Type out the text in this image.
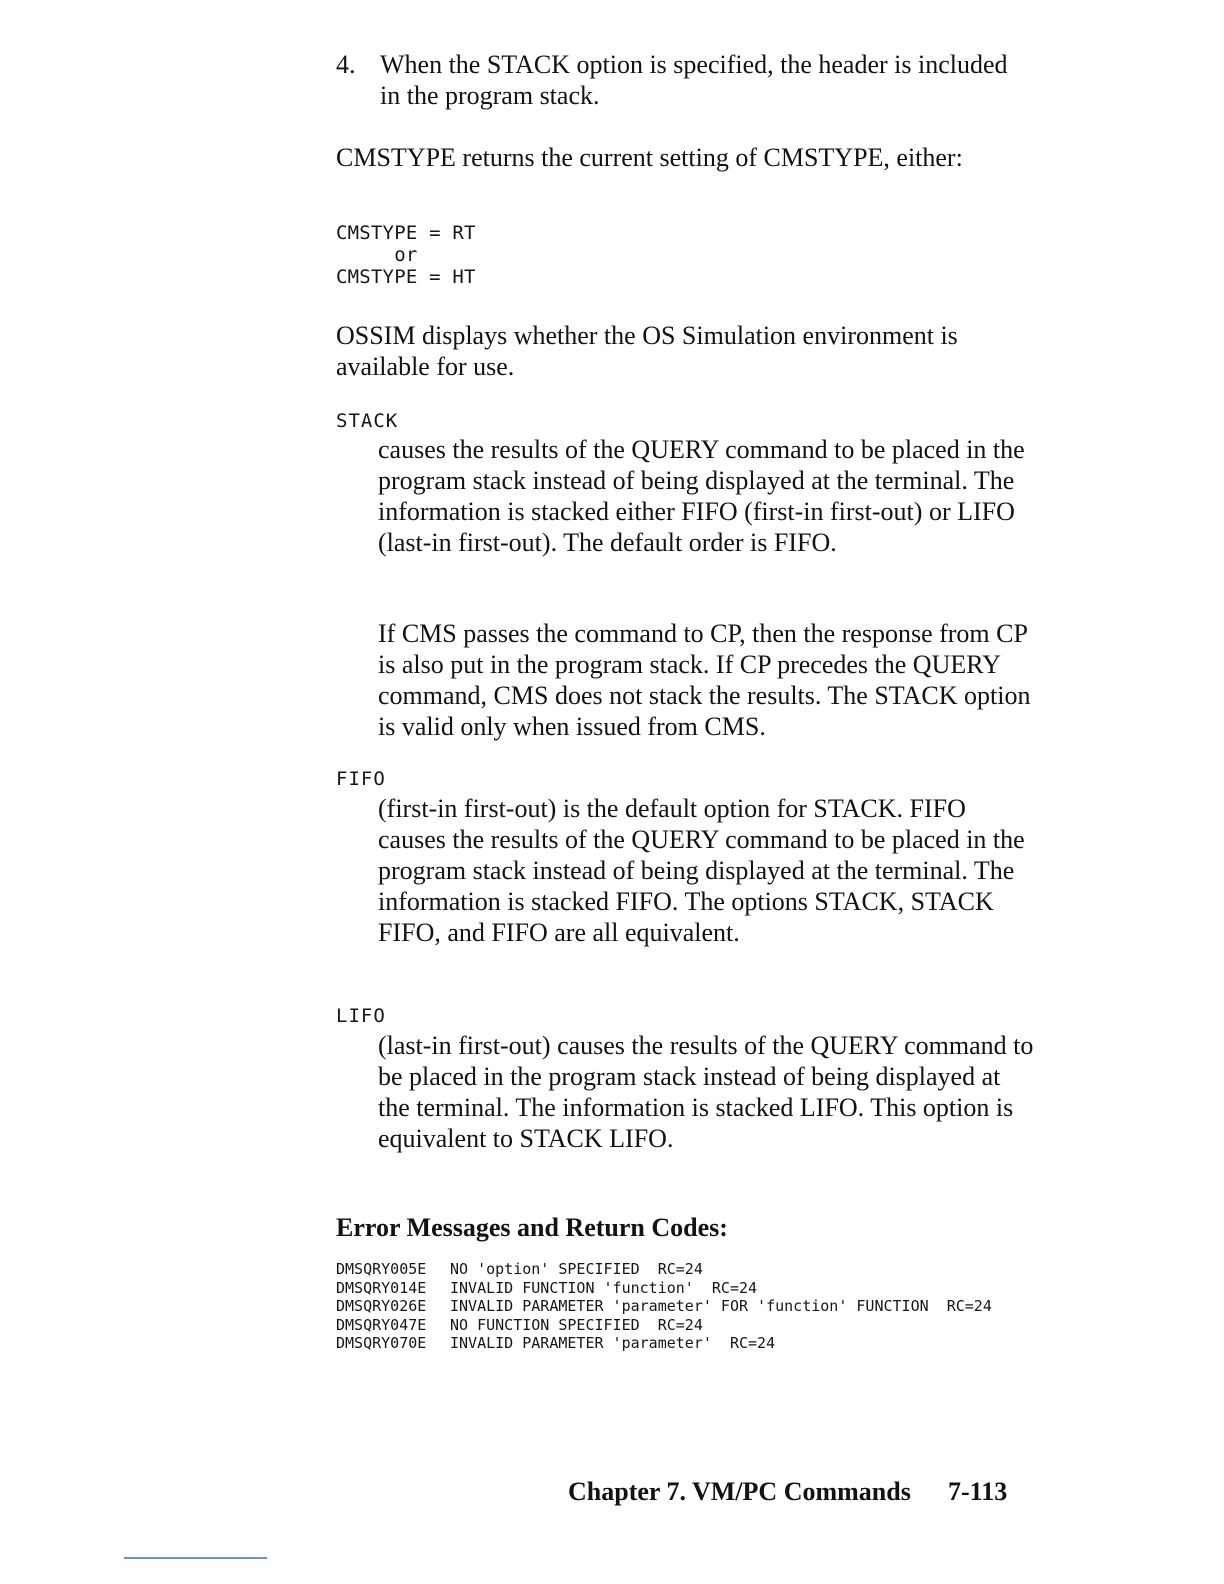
4. When the STACK option is specified, the header is included in the program stack.

CMSTYPE returns the current setting of CMSTYPE, either:

CMSTYPE = RT
or
CMSTYPE = HT

OSSIM displays whether the OS Simulation environment is available for use.

STACK

causes the results of the QUERY command to be placed in the program stack instead of being displayed at the terminal. The information is stacked either FIFO (first-in first-out) or LIFO (last-in first-out). The default order is FIFO.

If CMS passes the command to CP, then the response from CP is also put in the program stack. If CP precedes the QUERY command, CMS does not stack the results. The STACK option is valid only when issued from CMS.

FIFO

(first-in first-out) is the default option for STACK. FIFO causes the results of the QUERY command to be placed in the program stack instead of being displayed at the terminal. The information is stacked FIFO. The options STACK, STACK FIFO, and FIFO are all equivalent.

LIFO

(last-in first-out) causes the results of the QUERY command to be placed in the program stack instead of being displayed at the terminal. The information is stacked LIFO. This option is equivalent to STACK LIFO.

Error Messages and Return Codes:

DMSQRY005E

NO 'option' SPECIFIED  RC=24

DMSQRY014E

INVALID FUNCTION 'function'  RC=24

DMSQRY026E

INVALID PARAMETER 'parameter' FOR 'function' FUNCTION  RC=24

DMSQRY047E

NO FUNCTION SPECIFIED  RC=24

DMSQRY070E

INVALID PARAMETER 'parameter'  RC=24

Chapter 7. VM/PC Commands 7-113
